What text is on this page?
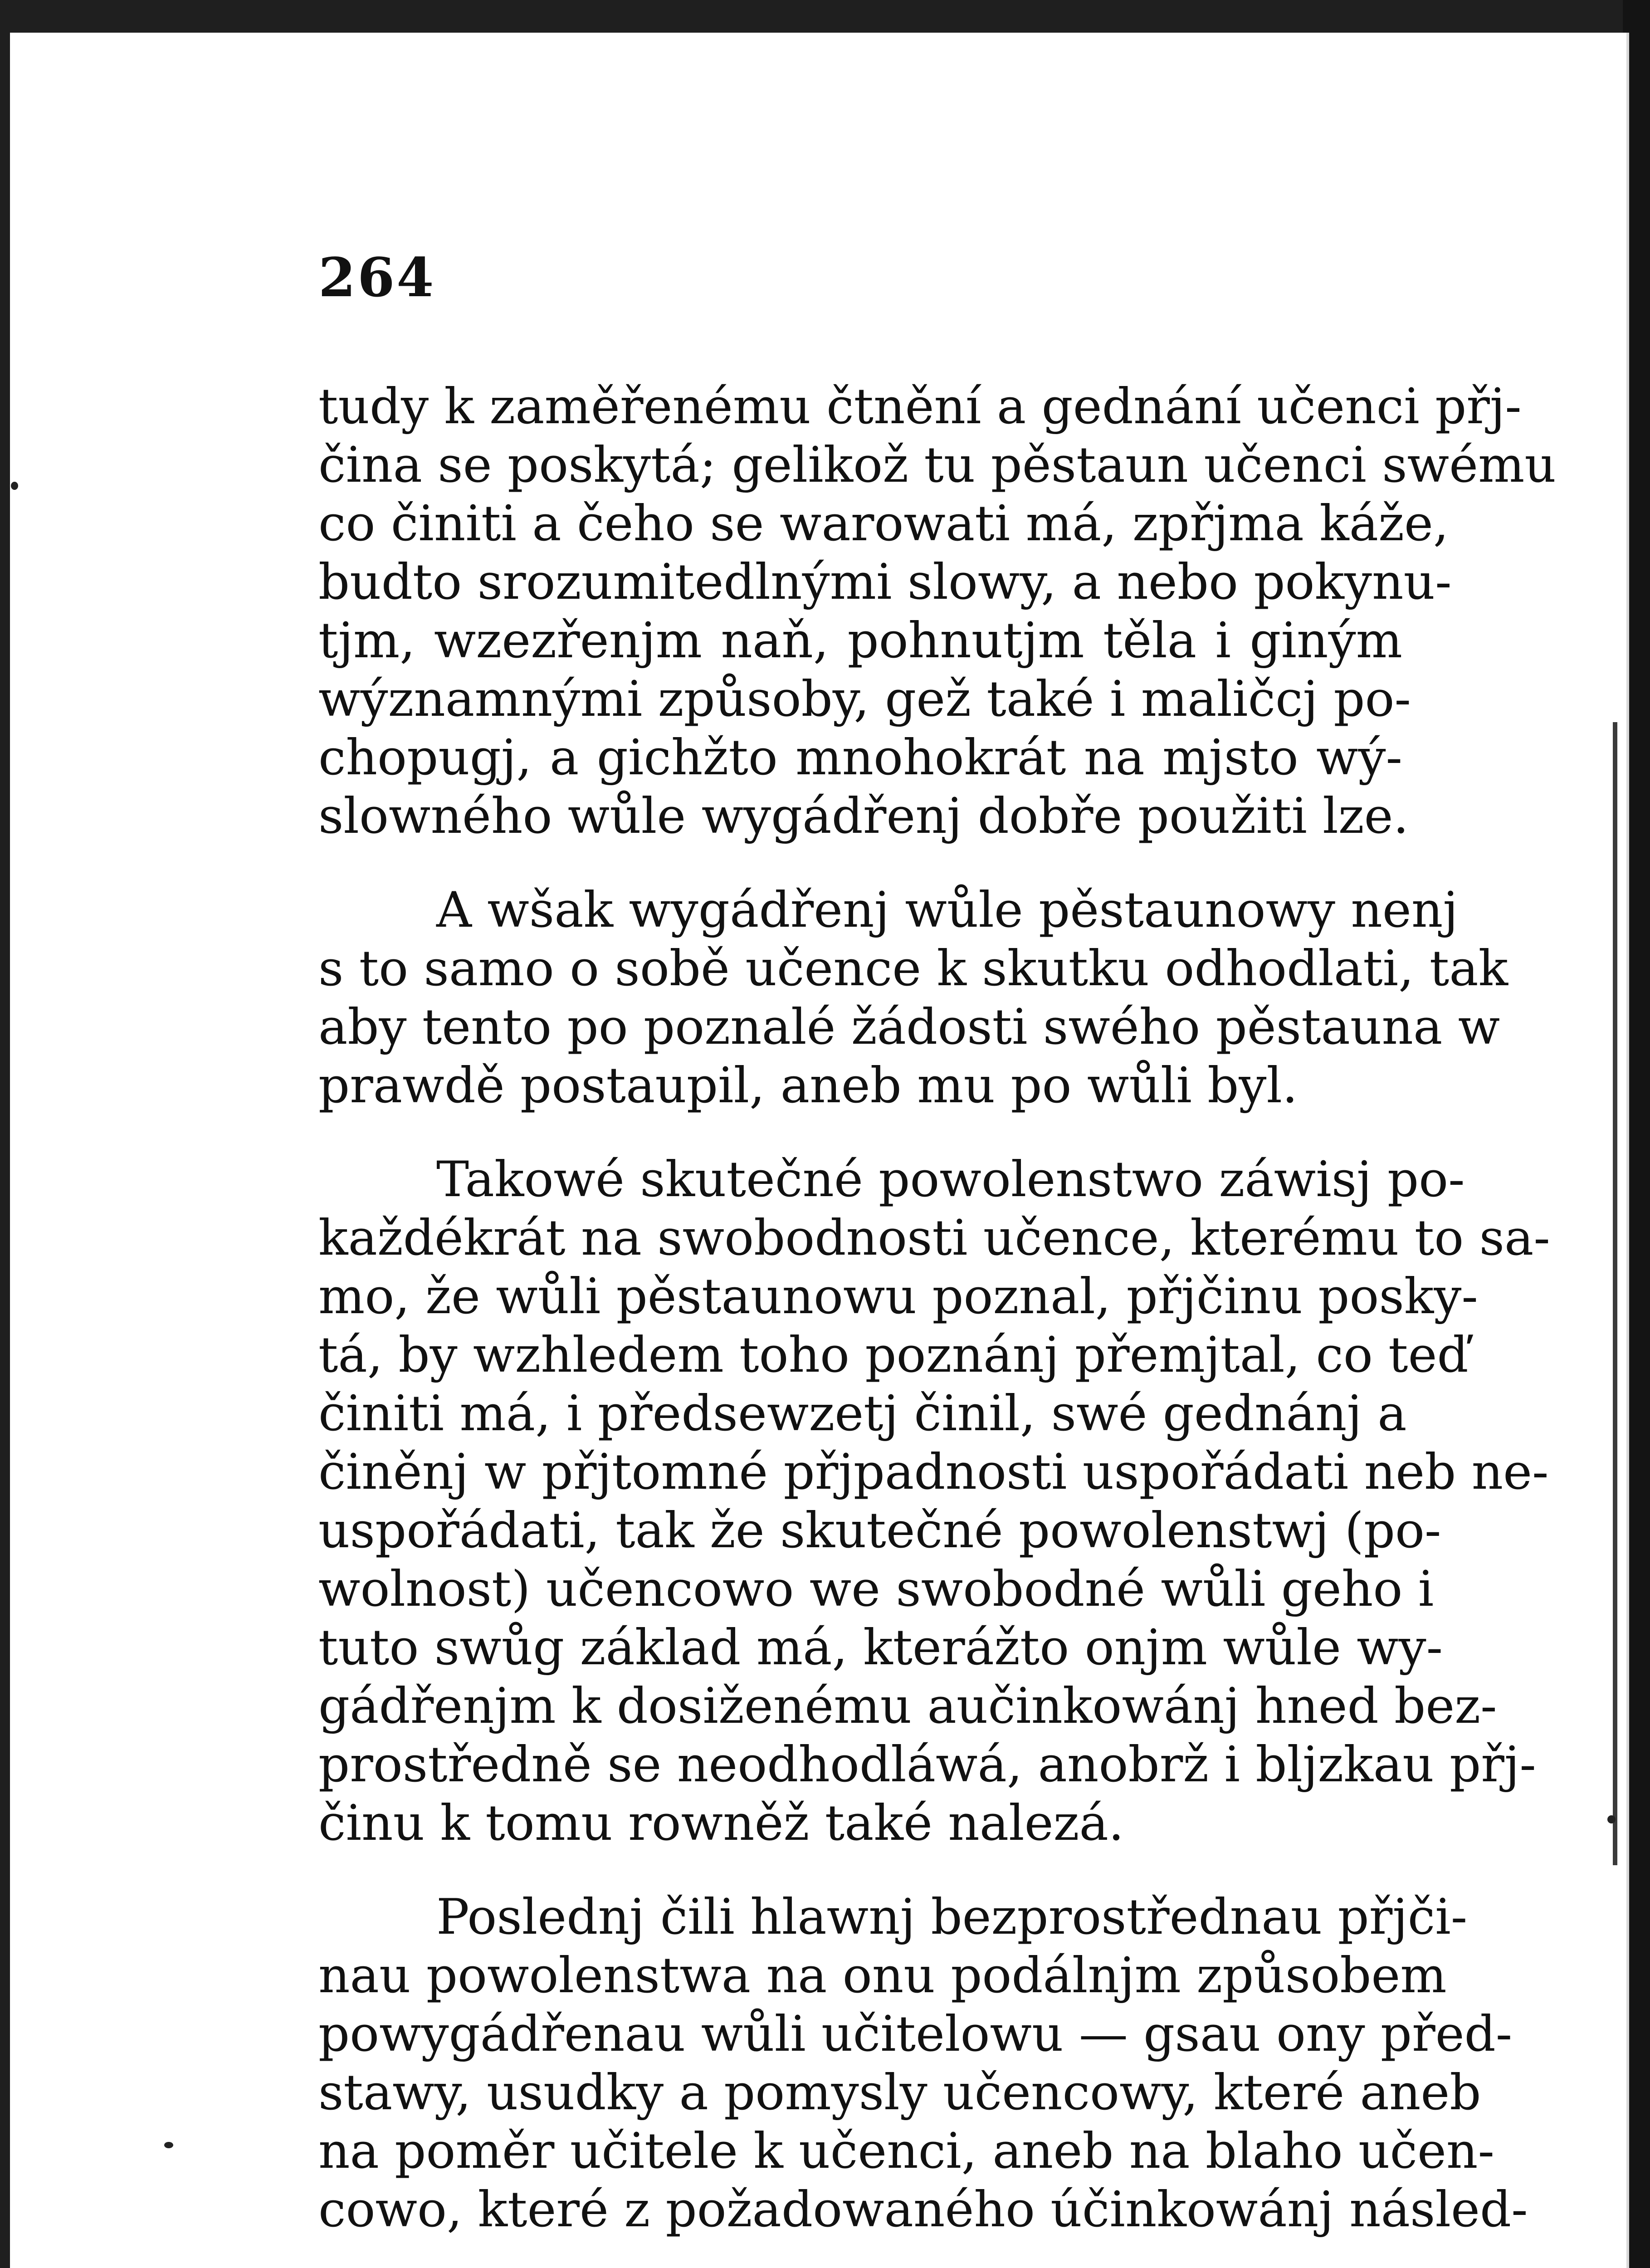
264
tudy k zaměřenému čtnění a gednání učenci přj-
čina se poskytá; gelikož tu pěstaun učenci swému
co činiti a čeho se warowati má, zpřjma káže,
budto srozumitedlnými slowy, a nebo pokynu-
tjm, wzezřenjm naň, pohnutjm těla i giným
wýznamnými způsoby, gež také i maličcj po-
chopugj, a gichžto mnohokrát na mjsto wý-
slowného wůle wygádřenj dobře použiti lze.
A wšak wygádřenj wůle pěstaunowy nenj
s to samo o sobě učence k skutku odhodlati, tak
aby tento po poznalé žádosti swého pěstauna w
prawdě postaupil, aneb mu po wůli byl.
Takowé skutečné powolenstwo záwisj po-
každékrát na swobodnosti učence, kterému to sa-
mo, že wůli pěstaunowu poznal, přjčinu posky-
tá, by wzhledem toho poznánj přemjtal, co teď
činiti má, i předsewzetj činil, swé gednánj a
činěnj w přjtomné přjpadnosti uspořádati neb ne-
uspořádati, tak že skutečné powolenstwj (po-
wolnost) učencowo we swobodné wůli geho i
tuto swůg základ má, kterážto onjm wůle wy-
gádřenjm k dosiženému aučinkowánj hned bez-
prostředně se neodhodláwá, anobrž i bljzkau přj-
činu k tomu rowněž také nalezá.
Poslednj čili hlawnj bezprostřednau přjči-
nau powolenstwa na onu podálnjm způsobem
powygádřenau wůli učitelowu — gsau ony před-
stawy, usudky a pomysly učencowy, které aneb
na poměr učitele k učenci, aneb na blaho učen-
cowo, které z požadowaného účinkowánj násled-
